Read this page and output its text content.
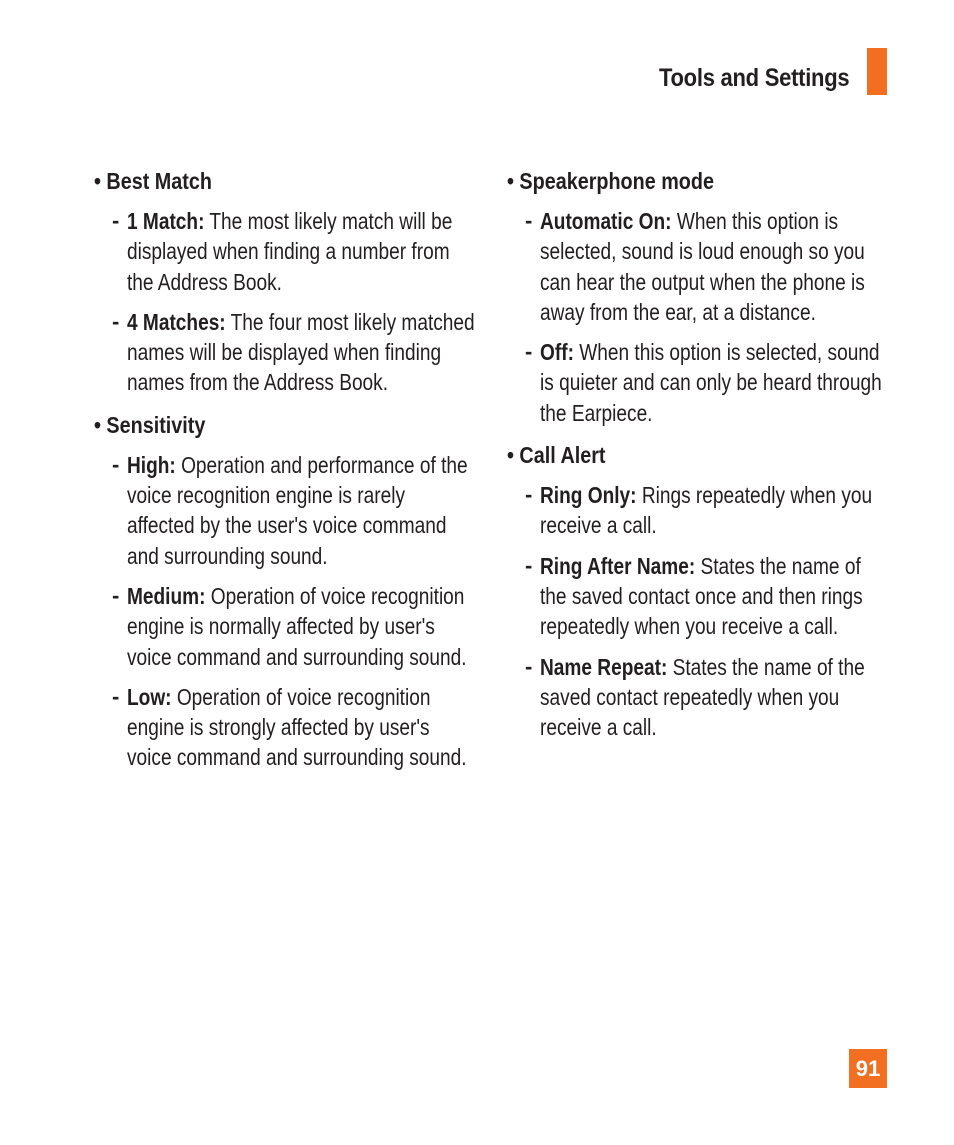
Tools and Settings
• Best Match
- 1 Match: The most likely match will be displayed when finding a number from the Address Book.
- 4 Matches: The four most likely matched names will be displayed when finding names from the Address Book.
• Sensitivity
- High: Operation and performance of the voice recognition engine is rarely affected by the user's voice command and surrounding sound.
- Medium: Operation of voice recognition engine is normally affected by user's voice command and surrounding sound.
- Low: Operation of voice recognition engine is strongly affected by user's voice command and surrounding sound.
• Speakerphone mode
- Automatic On: When this option is selected, sound is loud enough so you can hear the output when the phone is away from the ear, at a distance.
- Off: When this option is selected, sound is quieter and can only be heard through the Earpiece.
• Call Alert
- Ring Only: Rings repeatedly when you receive a call.
- Ring After Name: States the name of the saved contact once and then rings repeatedly when you receive a call.
- Name Repeat: States the name of the saved contact repeatedly when you receive a call.
91
